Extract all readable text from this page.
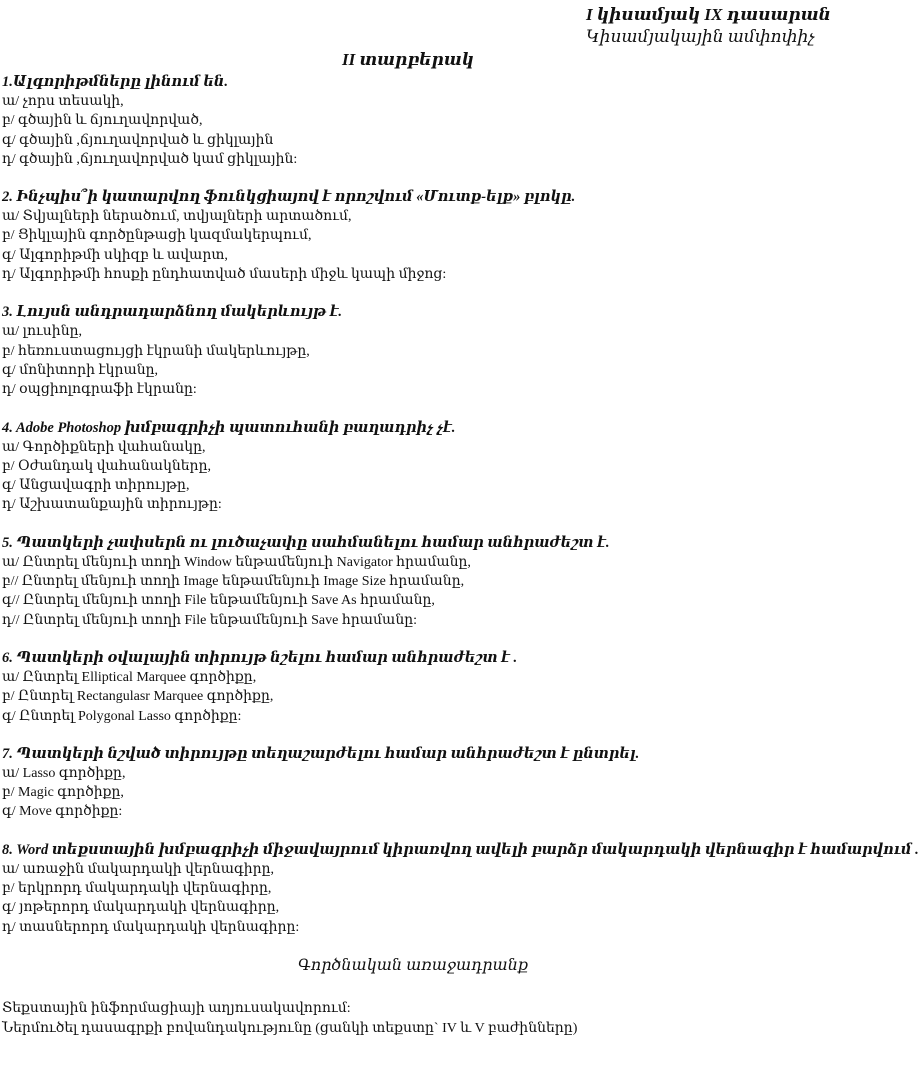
I կիսամյակ IX դասարան
Կիսամյակային ամփոփիչ
II տարբերակ
1.Ալգորիթմները լինում են.
ա/ չորս տեսակի,
բ/ գծային և ճյուղավորված,
գ/ գծային ,ճյուղավորված և ցիկլային
դ/ գծային ,ճյուղավորված կամ ցիկլային:
2. Ինչպիս՞ի կատարվող ֆունկցիայով է որոշվում «Մուտք-ելք» բլոկը.
ա/ Տվյալների ներածում, տվյալների արտածում,
բ/ Ցիկլային գործընթացի կազմակերպում,
գ/ Ալգորիթմի սկիզբ և ավարտ,
դ/ Ալգորիթմի հոսքի ընդհատված մասերի միջև կապի միջոց:
3. Լույսն անդրադարձնող մակերևույթ է.
ա/ լուսինը,
բ/ հեռուստացույցի էկրանի մակերևույթը,
գ/ մոնիտորի էկրանը,
դ/ օպցիոլոգրաֆի էկրանը:
4. Adobe Photoshop խմբագրիչի պատուհանի բաղադրիչ չէ.
ա/ Գործիքների վահանակը,
բ/ Օժանդակ վահանակները,
գ/ Անցավագրի տիրույթը,
դ/ Աշխատանքային տիրույթը:
5. Պատկերի չափսերն ու լուծաչափը սահմանելու համար անհրաժեշտ է.
ա/ Ընտրել մենյուի տողի Window ենթամենյուի Navigator հրամանը,
բ// Ընտրել մենյուի տողի Image ենթամենյուի Image Size հրամանը,
գ// Ընտրել մենյուի տողի File ենթամենյուի Save As հրամանը,
դ// Ընտրել մենյուի տողի File ենթամենյուի Save հրամանը:
6. Պատկերի օվալային տիրույթ նշելու համար անհրաժեշտ է .
ա/ Ընտրել Elliptical Marquee գործիքը,
բ/ Ընտրել Rectangulasr Marquee գործիքը,
գ/ Ընտրել Polygonal Lasso գործիքը:
7. Պատկերի նշված տիրույթը տեղաշարժելու համար անհրաժեշտ է ընտրել.
ա/ Lasso գործիքը,
բ/ Magic գործիքը,
գ/ Move գործիքը:
8. Word տեքստային խմբագրիչի միջավայրում կիրառվող ավելի բարձր մակարդակի վերնագիր է համարվում .
ա/ առաջին մակարդակի վերնագիրը,
բ/ երկրորդ մակարդակի վերնագիրը,
գ/ յոթերորդ մակարդակի վերնագիրը,
դ/ տասներորդ մակարդակի վերնագիրը:
Գործնական առաջադրանք
Տեքստային ինֆորմացիայի աղյուսակավորում:
Ներմուծել դասագրքի բովանդակությունը (ցանկի տեքստը` IV և V բաժինները)
